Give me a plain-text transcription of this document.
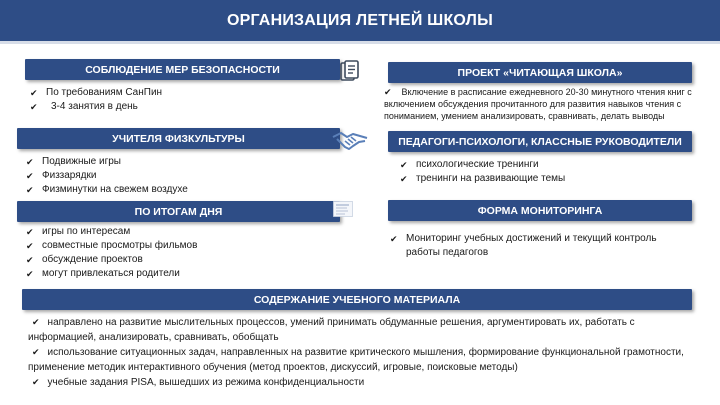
ОРГАНИЗАЦИЯ ЛЕТНЕЙ ШКОЛЫ
СОБЛЮДЕНИЕ МЕР БЕЗОПАСНОСТИ
✔ По требованиям СанПин
✔	3-4 занятия в день
УЧИТЕЛЯ ФИЗКУЛЬТУРЫ
✔ Подвижные игры
✔ Физзарядки
✔ Физминутки на свежем воздухе
ПО ИТОГАМ ДНЯ
✔ игры по интересам
✔ совместные просмотры фильмов
✔ обсуждение проектов
✔ могут привлекаться родители
ПРОЕКТ «ЧИТАЮЩАЯ ШКОЛА»
✔ Включение в расписание ежедневного 20-30 минутного чтения книг с включением обсуждения прочитанного для развития навыков чтения с пониманием, умением анализировать, сравнивать, делать выводы
ПЕДАГОГИ-ПСИХОЛОГИ, КЛАССНЫЕ РУКОВОДИТЕЛИ
✔ психологические тренинги
✔ тренинги на развивающие темы
ФОРМА МОНИТОРИНГА
✔ Мониторинг учебных достижений и текущий контроль работы педагогов
СОДЕРЖАНИЕ УЧЕБНОГО МАТЕРИАЛА
✔ направлено на развитие мыслительных процессов, умений принимать обдуманные решения, аргументировать их, работать с информацией, анализировать, сравнивать, обобщать
✔ использование ситуационных задач, направленных на развитие критического мышления, формирование функциональной грамотности, применение методик интерактивного обучения (метод проектов, дискуссий, игровые, поисковые методы)
✔ учебные задания PISA, вышедших из режима конфиденциальности
